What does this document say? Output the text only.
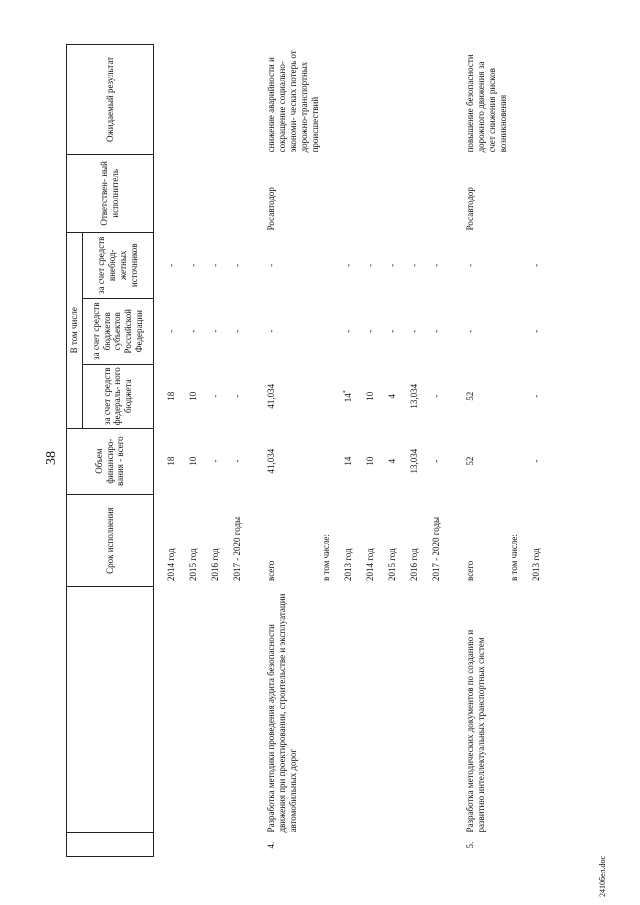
38
		Срок исполнения	Объем финансиро- вания - всего	В том числе			Ответствен- ный исполнитель	Ожидаемый результат
				за счет средств федераль- ного бюджета	за счет средств бюджетов субъектов Российской Федерации	за счет средств внебюд- жетных источников		

		2014 год	18	18	-	-		
		2015 год	10	10	-	-		
		2016 год	-	-	-	-		
		2017 - 2020 годы	-	-	-	-		

4.	Разработка методики проведения аудита безопасности движения при проектировании, строительстве и эксплуатации автомобильных дорог	всего	41,034	41,034	-	-	Росавтодор	снижение аварийности и сокращение социально-экономи- ческих потерь от дорожно-транспортных происшествий
		в том числе:						
		2013 год	14	14*	-	-		
		2014 год	10	10	-	-		
		2015 год	4	4	-	-		
		2016 год	13,034	13,034	-	-		
		2017 - 2020 годы	-	-	-	-		

5.	Разработка методических документов по созданию и развитию интеллектуальных транспортных систем	всего	52	52	-	-	Росавтодор	повышение безопасности дорожного движения за счет снижения рисков возникновения
		в том числе:						
		2013 год	-	-	-	-		
2410бел.doc
